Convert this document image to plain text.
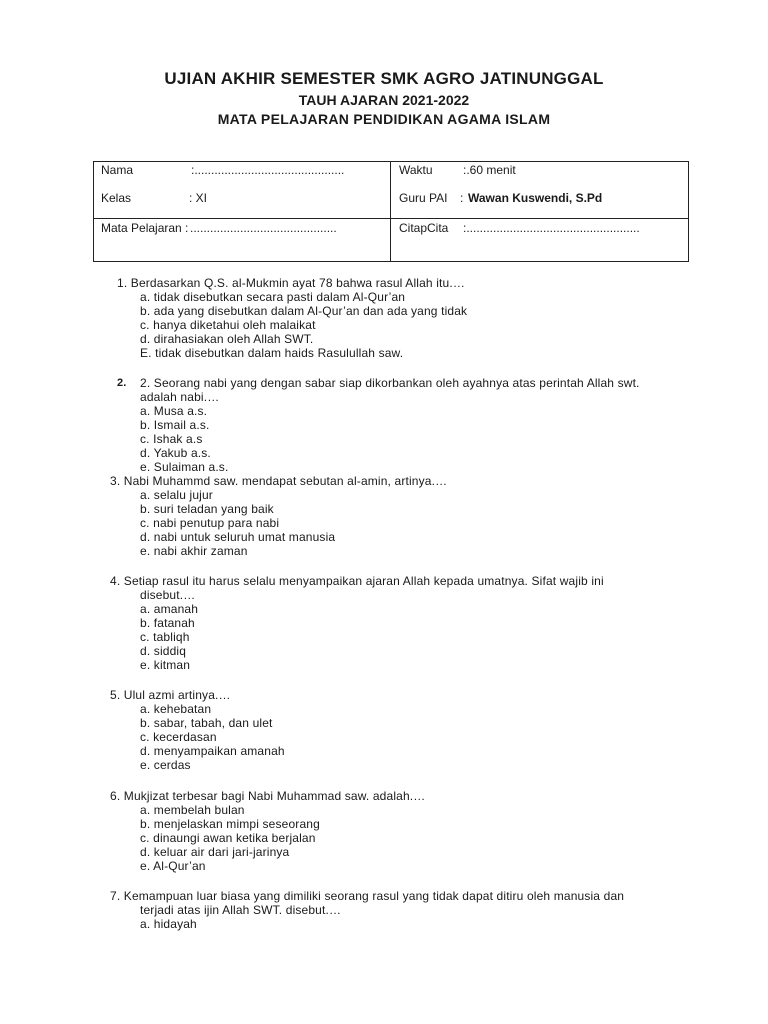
UJIAN AKHIR SEMESTER SMK AGRO JATINUNGGAL
TAUH AJARAN 2021-2022
MATA PELAJARAN PENDIDIKAN AGAMA ISLAM
Nama	:.............................................
Kelas	: XI
Mata Pelajaran : ............................................
Waktu	:.60 menit
Guru PAI : Wawan Kuswendi, S.Pd
CitapCita :....................................................
1. Berdasarkan Q.S. al-Mukmin ayat 78 bahwa rasul Allah itu.…
a. tidak disebutkan secara pasti dalam Al-Qur’an
b. ada yang disebutkan dalam Al-Qur’an dan ada yang tidak
c. hanya diketahui oleh malaikat
d. dirahasiakan oleh Allah SWT.
E. tidak disebutkan dalam haids Rasulullah saw.
2. 2. Seorang nabi yang dengan sabar siap dikorbankan oleh ayahnya atas perintah Allah swt.
adalah nabi.…
a. Musa a.s.
b. Ismail a.s.
c. Ishak a.s
d. Yakub a.s.
e. Sulaiman a.s.
3. Nabi Muhammd saw. mendapat sebutan al-amin, artinya.…
a. selalu jujur
b. suri teladan yang baik
c. nabi penutup para nabi
d. nabi untuk seluruh umat manusia
e. nabi akhir zaman
4. Setiap rasul itu harus selalu menyampaikan ajaran Allah kepada umatnya. Sifat wajib ini
disebut.…
a. amanah
b. fatanah
c. tabliqh
d. siddiq
e. kitman
5. Ulul azmi artinya.…
a. kehebatan
b. sabar, tabah, dan ulet
c. kecerdasan
d. menyampaikan amanah
e. cerdas
6. Mukjizat terbesar bagi Nabi Muhammad saw. adalah.…
a. membelah bulan
b. menjelaskan mimpi seseorang
c. dinaungi awan ketika berjalan
d. keluar air dari jari-jarinya
e. Al-Qur’an
7. Kemampuan luar biasa yang dimiliki seorang rasul yang tidak dapat ditiru oleh manusia dan
terjadi atas ijin Allah SWT. disebut.…
a. hidayah
